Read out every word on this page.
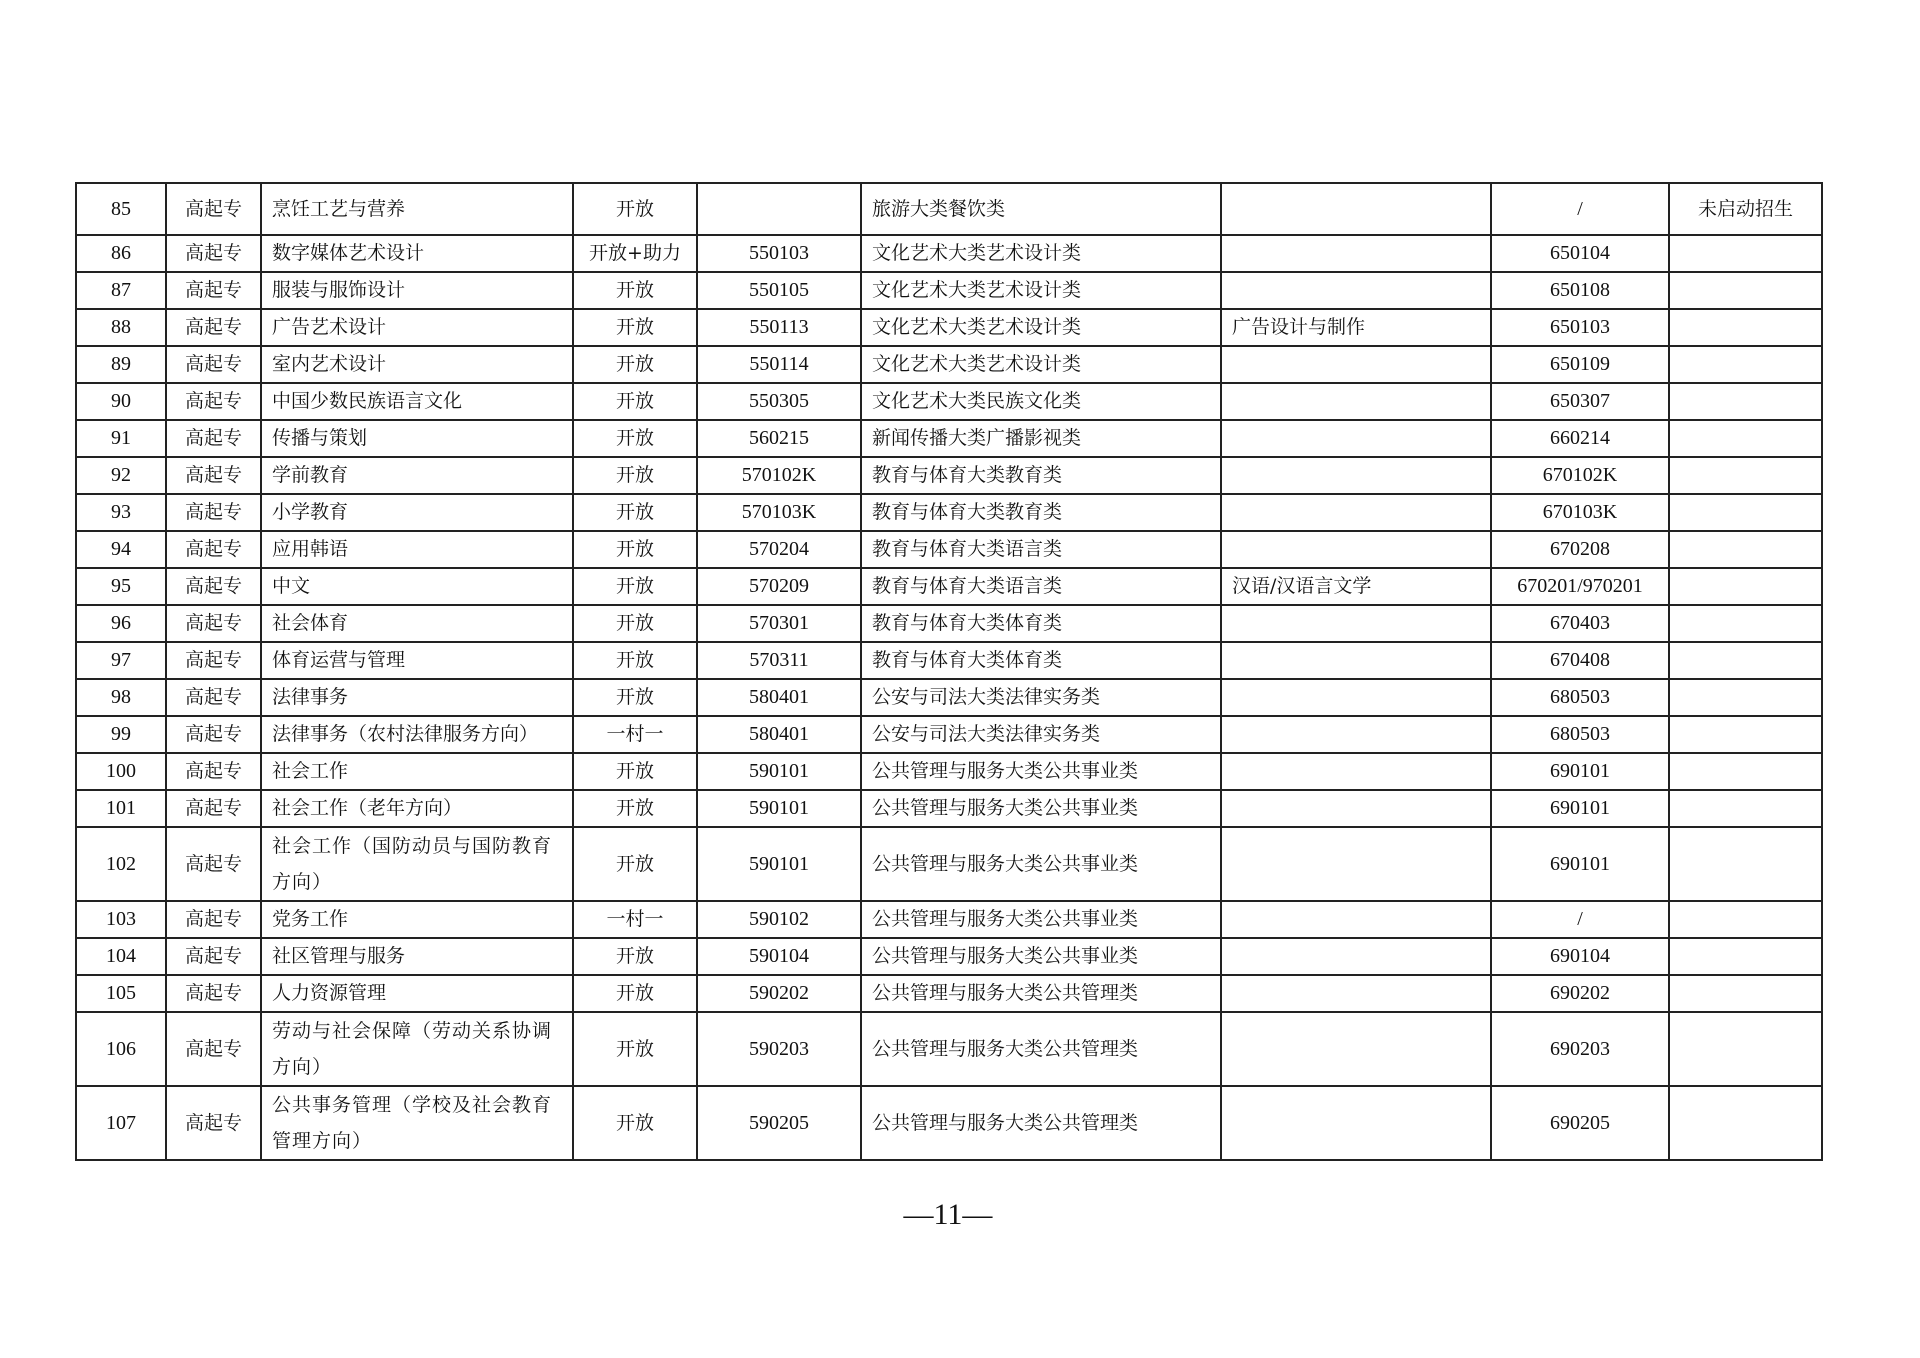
85	高起专	烹饪工艺与营养	开放		旅游大类餐饮类		/	未启动招生
86	高起专	数字媒体艺术设计	开放+助力	550103	文化艺术大类艺术设计类		650104	
87	高起专	服装与服饰设计	开放	550105	文化艺术大类艺术设计类		650108	
88	高起专	广告艺术设计	开放	550113	文化艺术大类艺术设计类	广告设计与制作	650103	
89	高起专	室内艺术设计	开放	550114	文化艺术大类艺术设计类		650109	
90	高起专	中国少数民族语言文化	开放	550305	文化艺术大类民族文化类		650307	
91	高起专	传播与策划	开放	560215	新闻传播大类广播影视类		660214	
92	高起专	学前教育	开放	570102K	教育与体育大类教育类		670102K	
93	高起专	小学教育	开放	570103K	教育与体育大类教育类		670103K	
94	高起专	应用韩语	开放	570204	教育与体育大类语言类		670208	
95	高起专	中文	开放	570209	教育与体育大类语言类	汉语/汉语言文学	670201/970201	
96	高起专	社会体育	开放	570301	教育与体育大类体育类		670403	
97	高起专	体育运营与管理	开放	570311	教育与体育大类体育类		670408	
98	高起专	法律事务	开放	580401	公安与司法大类法律实务类		680503	
99	高起专	法律事务（农村法律服务方向）	一村一	580401	公安与司法大类法律实务类		680503	
100	高起专	社会工作	开放	590101	公共管理与服务大类公共事业类		690101	
101	高起专	社会工作（老年方向）	开放	590101	公共管理与服务大类公共事业类		690101	
102	高起专	社会工作（国防动员与国防教育方向）	开放	590101	公共管理与服务大类公共事业类		690101	
103	高起专	党务工作	一村一	590102	公共管理与服务大类公共事业类		/	
104	高起专	社区管理与服务	开放	590104	公共管理与服务大类公共事业类		690104	
105	高起专	人力资源管理	开放	590202	公共管理与服务大类公共管理类		690202	
106	高起专	劳动与社会保障（劳动关系协调方向）	开放	590203	公共管理与服务大类公共管理类		690203	
107	高起专	公共事务管理（学校及社会教育管理方向）	开放	590205	公共管理与服务大类公共管理类		690205	
—11—
